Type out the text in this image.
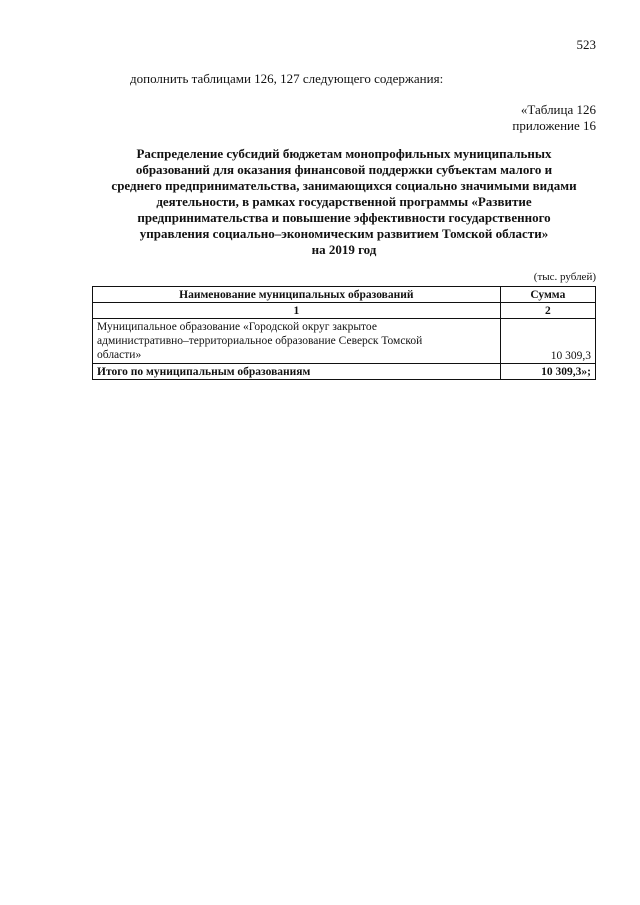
523
дополнить таблицами 126, 127 следующего содержания:
«Таблица 126
приложение 16
Распределение субсидий бюджетам монопрофильных муниципальных
образований для оказания финансовой поддержки субъектам малого и
среднего предпринимательства, занимающихся социально значимыми видами
деятельности, в рамках государственной программы «Развитие
предпринимательства и повышение эффективности государственного
управления социально–экономическим развитием Томской области»
на 2019 год
(тыс. рублей)
Наименование муниципальных образований	Сумма
1	2

Муниципальное образование «Городской округ закрытое
административно–территориальное образование Северск Томской
области»	10 309,3
Итого по муниципальным образованиям	10 309,3»;
